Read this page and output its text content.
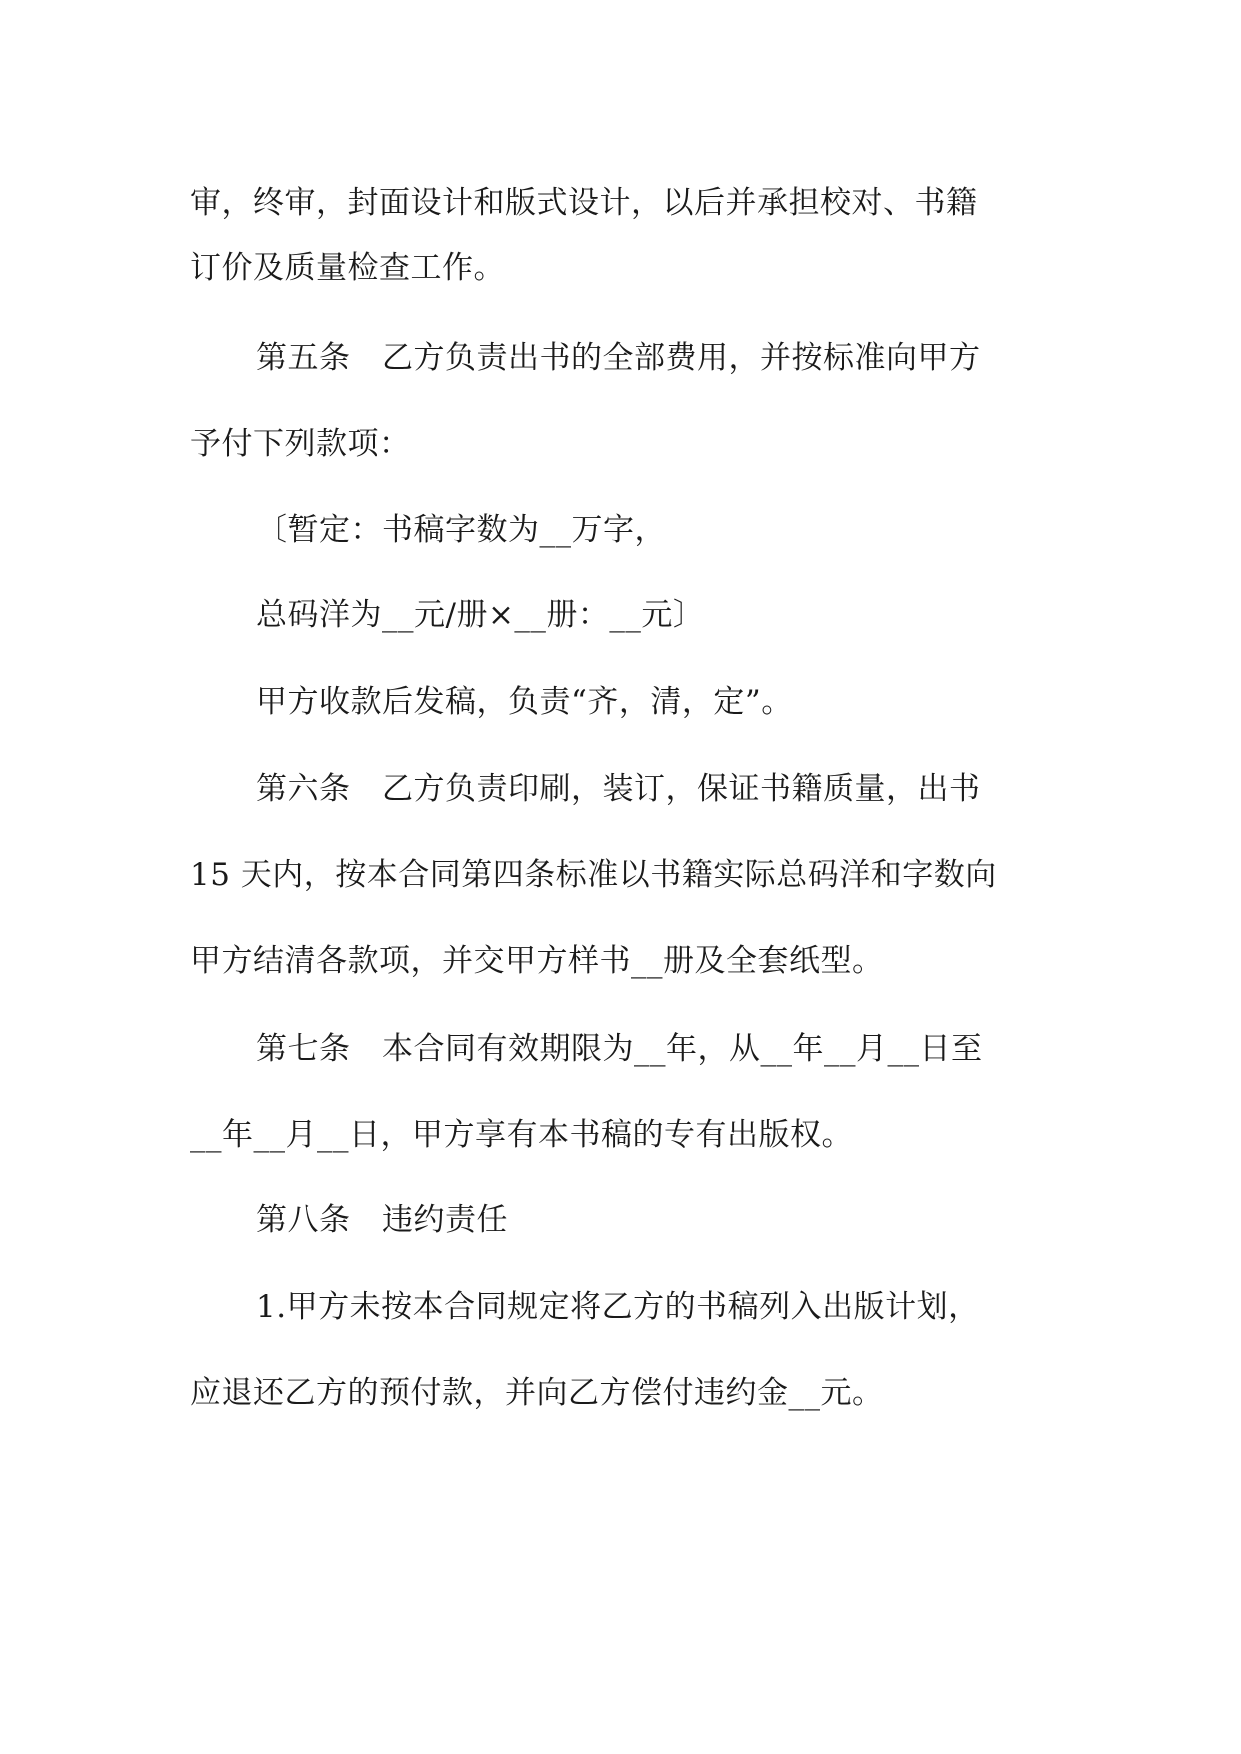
审，终审，封面设计和版式设计，以后并承担校对、书籍
订价及质量检查工作。
第五条　乙方负责出书的全部费用，并按标准向甲方
予付下列款项：
〔暂定：书稿字数为__万字，
总码洋为__元/册×__册：__元〕
甲方收款后发稿，负责“齐，清，定”。
第六条　乙方负责印刷，装订，保证书籍质量，出书
15 天内，按本合同第四条标准以书籍实际总码洋和字数向
甲方结清各款项，并交甲方样书__册及全套纸型。
第七条　本合同有效期限为__年，从__年__月__日至
__年__月__日，甲方享有本书稿的专有出版权。
第八条　违约责任
1.甲方未按本合同规定将乙方的书稿列入出版计划，
应退还乙方的预付款，并向乙方偿付违约金__元。
